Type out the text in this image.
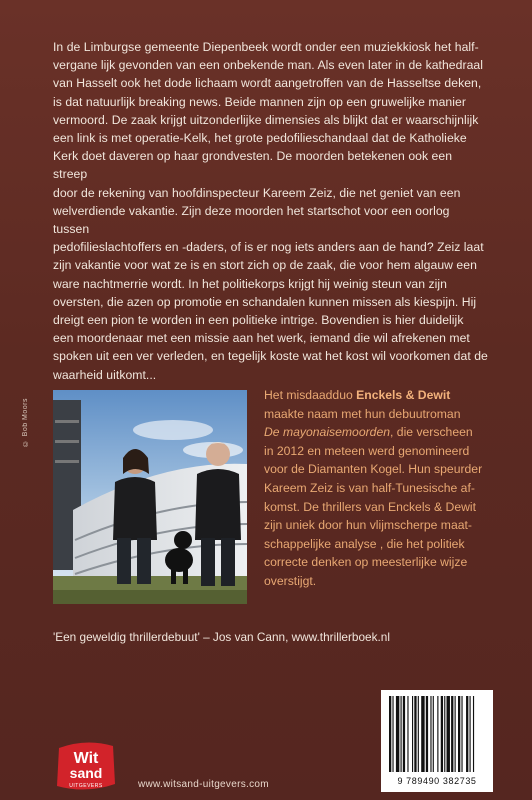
In de Limburgse gemeente Diepenbeek wordt onder een muziekkiosk het half-

vergane lijk gevonden van een onbekende man. Als even later in de kathedraal

van Hasselt ook het dode lichaam wordt aangetroffen van de Hasseltse deken,

is dat natuurlijk breaking news. Beide mannen zijn op een gruwelijke manier

vermoord. De zaak krijgt uitzonderlijke dimensies als blijkt dat er waarschijnlijk

een link is met operatie-Kelk, het grote pedofilieschandaal dat de Katholieke

Kerk doet daveren op haar grondvesten. De moorden betekenen ook een streep

door de rekening van hoofdinspecteur Kareem Zeiz, die net geniet van een

welverdiende vakantie. Zijn deze moorden het startschot voor een oorlog tussen

pedofilieslachtoffers en -daders, of is er nog iets anders aan de hand? Zeiz laat

zijn vakantie voor wat ze is en stort zich op de zaak, die voor hem algauw een

ware nachtmerrie wordt. In het politiekorps krijgt hij weinig steun van zijn

oversten, die azen op promotie en schandalen kunnen missen als kiespijn. Hij

dreigt een pion te worden in een politieke intrige. Bovendien is hier duidelijk

een moordenaar met een missie aan het werk, iemand die wil afrekenen met

spoken uit een ver verleden, en tegelijk koste wat het kost wil voorkomen dat de

waarheid uitkomt...

© Bob Moors

Het misdaadduo Enckels & Dewit

maakte naam met hun debuutroman

De mayonaisemoorden, die verscheen

in 2012 en meteen werd genomineerd

voor de Diamanten Kogel. Hun speurder

Kareem Zeiz is van half-Tunesische af-

komst. De thrillers van Enckels & Dewit

zijn uniek door hun vlijmscherpe maat-

schappelijke analyse , die het politiek

correcte denken op meesterlijke wijze

overstijgt.

'Een geweldig thrillerdebuut' – Jos van Cann, www.thrillerboek.nl
Wit
sand
UITGEVERS	www.witsand-uitgevers.com	9 789490 382735
